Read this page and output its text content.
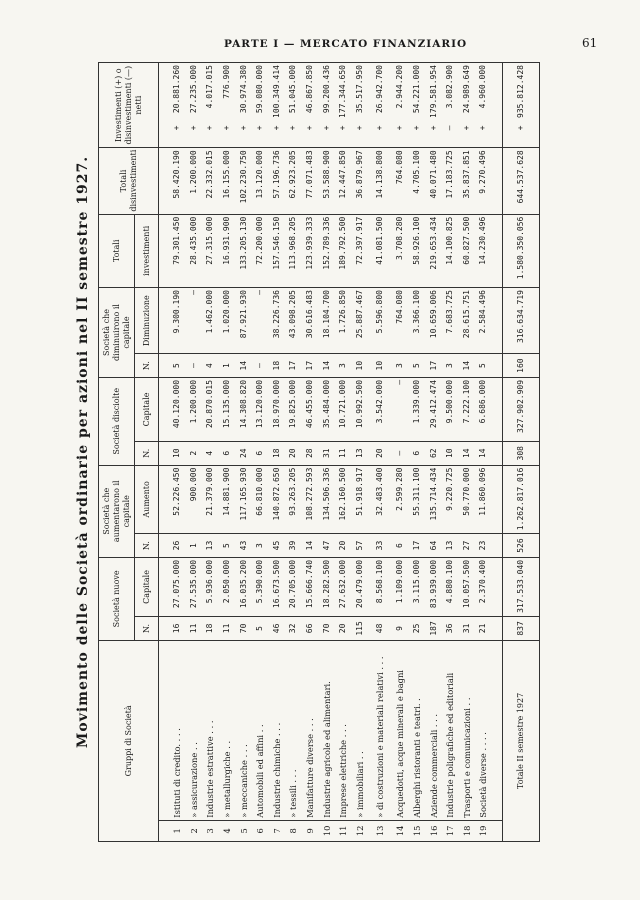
PARTE I — MERCATO FINANZIARIO	61
Movimento delle Società ordinarie per azioni nel II semestre 1927.	Gruppi di Società		Società nuove		Società che aumentarono il capitale		Società disciolte		Società che diminuirono il capitale		Totali	Totali disinvestimenti	Investimenti (+) o disinvestimenti (—) netti
		N.	Capitale	N.	Aumento	N.	Capitale	N.	Diminuzione	investimenti		

1	Istituti di credito. . . .	16	27.075.000	26	52.226.450	10	40.120.000	5	9.300.190	79.301.450	58.420.190	+20.881.260
2	» assicurazione . .	11	27.535.000	1	900.000	2	1.200.000	—	—	28.435.000	1.200.000	+27.235.000
3	Industrie estrattive . . .	18	5.936.000	13	21.379.000	4	20.870.015	4	1.462.000	27.315.000	22.332.015	+4.017.015
4	» metallurgiche . .	11	2.050.000	5	14.881.900	6	15.135.000	1	1.020.000	16.931.900	16.155.000	+776.900
5	» meccaniche . . .	70	16.035.200	43	117.165.930	24	14.308.820	14	87.921.930	133.205.130	102.230.750	+30.974.380
6	Automobili ed affini . .	5	5.390.000	3	66.810.000	6	13.120.000	—	—	72.200.000	13.120.000	+59.080.000
7	Industrie chimiche . . .	46	16.673.500	45	140.872.650	18	18.970.000	18	38.226.736	157.546.150	57.196.736	+100.349.414
8	» tessili . . .	32	20.705.000	39	93.263.205	20	19.825.000	17	43.098.205	113.968.205	62.923.205	+51.045.000
9	Manifatture diverse . . .	66	15.666.740	14	108.272.593	28	46.455.000	17	30.616.483	123.939.333	77.071.483	+46.867.850
10	Industrie agricole ed alimentari.	70	18.282.500	47	134.506.336	31	35.484.000	14	18.104.700	152.789.336	53.588.900	+99.200.436
11	Imprese elettriche . . .	20	27.632.000	20	162.160.500	11	10.721.000	3	1.726.850	189.792.500	12.447.850	+177.344.650
12	» immobiliari . .	115	20.479.000	57	51.918.917	13	10.992.500	10	25.887.467	72.397.917	36.879.967	+35.517.950
13	» di costruzioni e materiali relativi . . .	48	8.568.100	33	32.483.400	20	3.542.000	10	5.596.800	41.081.500	14.138.800	+26.942.700
14	Acquedotti, acque minerali e bagni	9	1.109.000	6	2.599.280	—	—	3	764.080	3.708.280	764.080	+2.944.200
15	Alberghi ristoranti e teatri. .	25	3.115.000	17	55.311.100	6	1.339.000	5	3.366.100	58.926.100	4.705.100	+54.221.000
16	Aziende commerciali . . .	187	83.939.000	64	135.714.434	62	29.412.474	17	10.659.006	219.653.434	40.071.480	+179.581.954
17	Industrie poligrafiche ed editoriali	36	4.880.100	13	9.220.725	10	9.500.000	3	7.683.725	14.100.825	17.183.725	—3.082.900
18	Trasporti e comunicazioni . .	31	10.057.500	27	50.770.000	14	7.222.100	14	28.615.751	60.827.500	35.837.851	+24.989.649
19	Società diverse . . . .	21	2.370.400	23	11.860.096	14	6.686.000	5	2.584.496	14.230.496	9.270.496	+4.960.000

Totale II semestre 1927		837	317.533.040	526	1.262.817.016	308	327.902.909	160	316.634.719	1.580.350.056	644.537.628	+935.812.428
